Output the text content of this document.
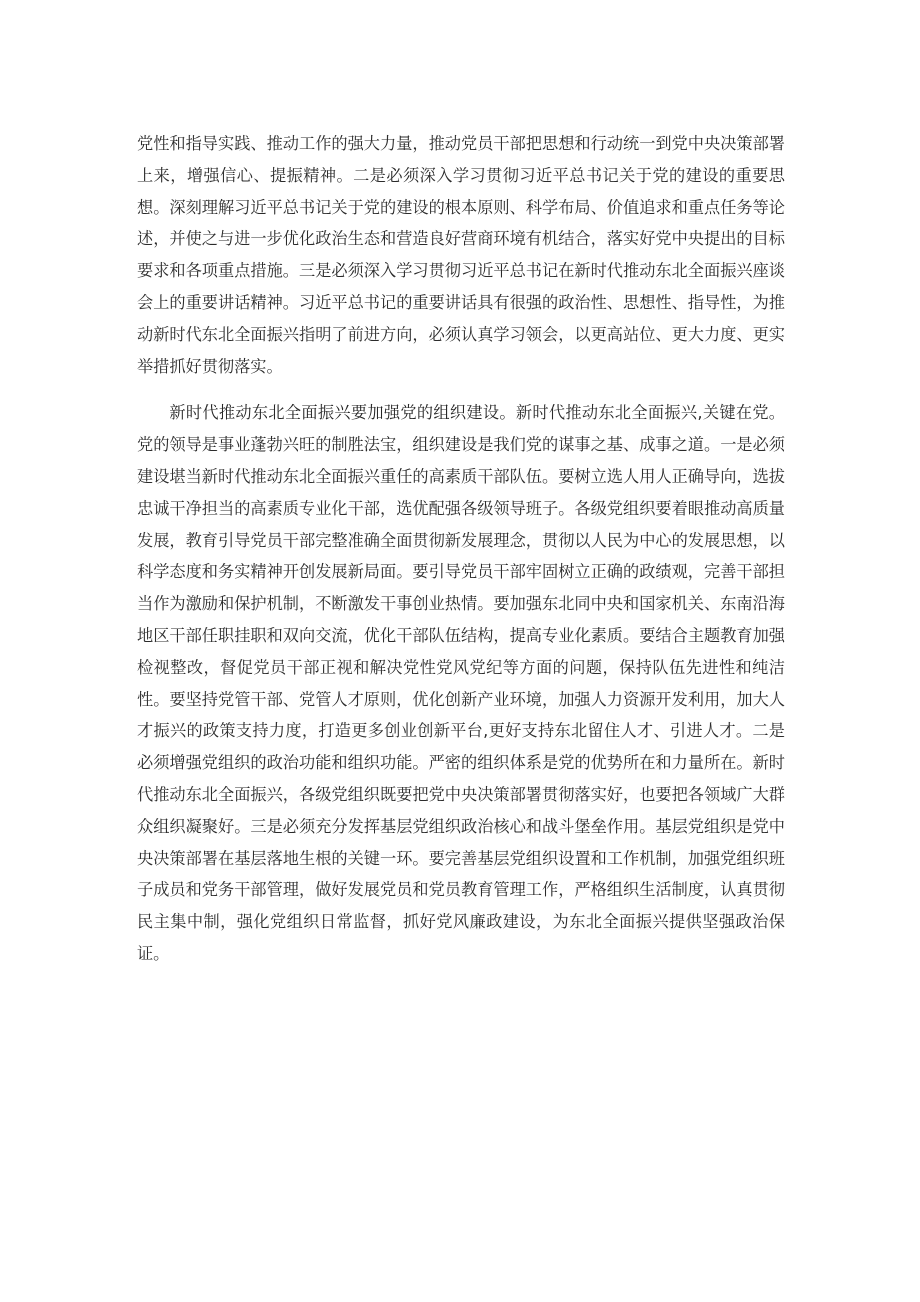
党性和指导实践、推动工作的强大力量，推动党员干部把思想和行动统一到党中央决策部署上来，增强信心、提振精神。二是必须深入学习贯彻习近平总书记关于党的建设的重要思想。深刻理解习近平总书记关于党的建设的根本原则、科学布局、价值追求和重点任务等论述，并使之与进一步优化政治生态和营造良好营商环境有机结合，落实好党中央提出的目标要求和各项重点措施。三是必须深入学习贯彻习近平总书记在新时代推动东北全面振兴座谈会上的重要讲话精神。习近平总书记的重要讲话具有很强的政治性、思想性、指导性，为推动新时代东北全面振兴指明了前进方向，必须认真学习领会，以更高站位、更大力度、更实举措抓好贯彻落实。

新时代推动东北全面振兴要加强党的组织建设。新时代推动东北全面振兴,关键在党。党的领导是事业蓬勃兴旺的制胜法宝，组织建设是我们党的谋事之基、成事之道。一是必须建设堪当新时代推动东北全面振兴重任的高素质干部队伍。要树立选人用人正确导向，选拔忠诚干净担当的高素质专业化干部，选优配强各级领导班子。各级党组织要着眼推动高质量发展，教育引导党员干部完整准确全面贯彻新发展理念，贯彻以人民为中心的发展思想，以科学态度和务实精神开创发展新局面。要引导党员干部牢固树立正确的政绩观，完善干部担当作为激励和保护机制，不断激发干事创业热情。要加强东北同中央和国家机关、东南沿海地区干部任职挂职和双向交流，优化干部队伍结构，提高专业化素质。要结合主题教育加强检视整改，督促党员干部正视和解决党性党风党纪等方面的问题，保持队伍先进性和纯洁性。要坚持党管干部、党管人才原则，优化创新产业环境，加强人力资源开发利用，加大人才振兴的政策支持力度，打造更多创业创新平台,更好支持东北留住人才、引进人才。二是必须增强党组织的政治功能和组织功能。严密的组织体系是党的优势所在和力量所在。新时代推动东北全面振兴，各级党组织既要把党中央决策部署贯彻落实好，也要把各领域广大群众组织凝聚好。三是必须充分发挥基层党组织政治核心和战斗堡垒作用。基层党组织是党中央决策部署在基层落地生根的关键一环。要完善基层党组织设置和工作机制，加强党组织班子成员和党务干部管理，做好发展党员和党员教育管理工作，严格组织生活制度，认真贯彻民主集中制，强化党组织日常监督，抓好党风廉政建设，为东北全面振兴提供坚强政治保证。
